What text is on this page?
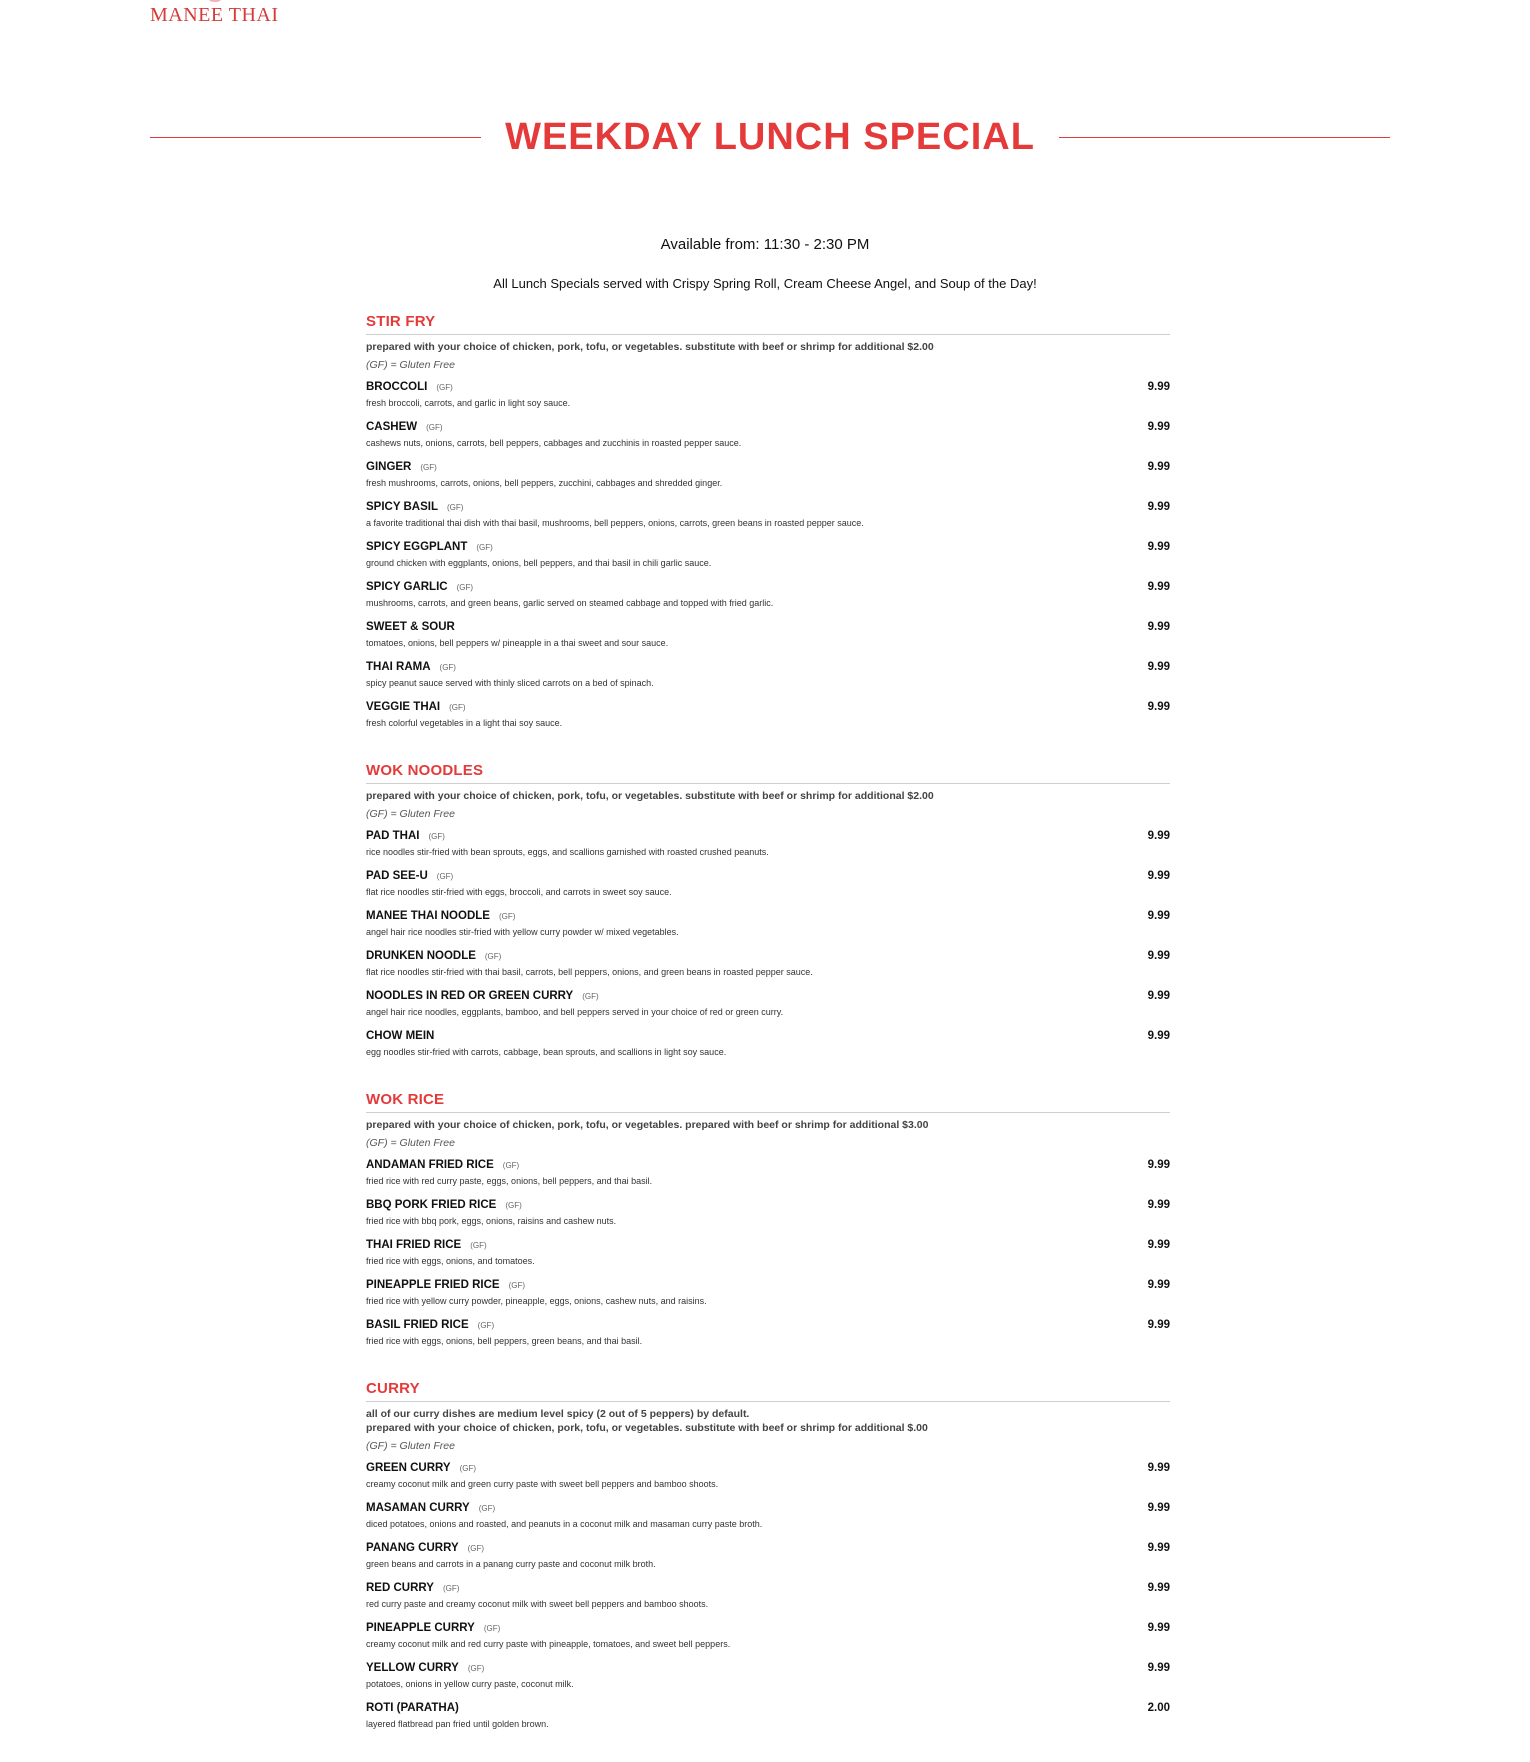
MANEE THAI
WEEKDAY LUNCH SPECIAL
Available from: 11:30 - 2:30 PM
All Lunch Specials served with Crispy Spring Roll, Cream Cheese Angel, and Soup of the Day!
STIR FRY
prepared with your choice of chicken, pork, tofu, or vegetables. substitute with beef or shrimp for additional $2.00
(GF) = Gluten Free
BROCCOLI (GF)	9.99
fresh broccoli, carrots, and garlic in light soy sauce.
CASHEW (GF)	9.99
cashews nuts, onions, carrots, bell peppers, cabbages and zucchinis in roasted pepper sauce.
GINGER (GF)	9.99
fresh mushrooms, carrots, onions, bell peppers, zucchini, cabbages and shredded ginger.
SPICY BASIL (GF)	9.99
a favorite traditional thai dish with thai basil, mushrooms, bell peppers, onions, carrots, green beans in roasted pepper sauce.
SPICY EGGPLANT (GF)	9.99
ground chicken with eggplants, onions, bell peppers, and thai basil in chili garlic sauce.
SPICY GARLIC (GF)	9.99
mushrooms, carrots, and green beans, garlic served on steamed cabbage and topped with fried garlic.
SWEET & SOUR	9.99
tomatoes, onions, bell peppers w/ pineapple in a thai sweet and sour sauce.
THAI RAMA (GF)	9.99
spicy peanut sauce served with thinly sliced carrots on a bed of spinach.
VEGGIE THAI (GF)	9.99
fresh colorful vegetables in a light thai soy sauce.
WOK NOODLES
prepared with your choice of chicken, pork, tofu, or vegetables. substitute with beef or shrimp for additional $2.00
(GF) = Gluten Free
PAD THAI (GF)	9.99
rice noodles stir-fried with bean sprouts, eggs, and scallions garnished with roasted crushed peanuts.
PAD SEE-U (GF)	9.99
flat rice noodles stir-fried with eggs, broccoli, and carrots in sweet soy sauce.
MANEE THAI NOODLE (GF)	9.99
angel hair rice noodles stir-fried with yellow curry powder w/ mixed vegetables.
DRUNKEN NOODLE (GF)	9.99
flat rice noodles stir-fried with thai basil, carrots, bell peppers, onions, and green beans in roasted pepper sauce.
NOODLES IN RED OR GREEN CURRY (GF)	9.99
angel hair rice noodles, eggplants, bamboo, and bell peppers served in your choice of red or green curry.
CHOW MEIN	9.99
egg noodles stir-fried with carrots, cabbage, bean sprouts, and scallions in light soy sauce.
WOK RICE
prepared with your choice of chicken, pork, tofu, or vegetables. prepared with beef or shrimp for additional $3.00
(GF) = Gluten Free
ANDAMAN FRIED RICE (GF)	9.99
fried rice with red curry paste, eggs, onions, bell peppers, and thai basil.
BBQ PORK FRIED RICE (GF)	9.99
fried rice with bbq pork, eggs, onions, raisins and cashew nuts.
THAI FRIED RICE (GF)	9.99
fried rice with eggs, onions, and tomatoes.
PINEAPPLE FRIED RICE (GF)	9.99
fried rice with yellow curry powder, pineapple, eggs, onions, cashew nuts, and raisins.
BASIL FRIED RICE (GF)	9.99
fried rice with eggs, onions, bell peppers, green beans, and thai basil.
CURRY
all of our curry dishes are medium level spicy (2 out of 5 peppers) by default.
prepared with your choice of chicken, pork, tofu, or vegetables. substitute with beef or shrimp for additional $.00
(GF) = Gluten Free
GREEN CURRY (GF)	9.99
creamy coconut milk and green curry paste with sweet bell peppers and bamboo shoots.
MASAMAN CURRY (GF)	9.99
diced potatoes, onions and roasted, and peanuts in a coconut milk and masaman curry paste broth.
PANANG CURRY (GF)	9.99
green beans and carrots in a panang curry paste and coconut milk broth.
RED CURRY (GF)	9.99
red curry paste and creamy coconut milk with sweet bell peppers and bamboo shoots.
PINEAPPLE CURRY (GF)	9.99
creamy coconut milk and red curry paste with pineapple, tomatoes, and sweet bell peppers.
YELLOW CURRY (GF)	9.99
potatoes, onions in yellow curry paste, coconut milk.
ROTI (PARATHA)	2.00
layered flatbread pan fried until golden brown.
